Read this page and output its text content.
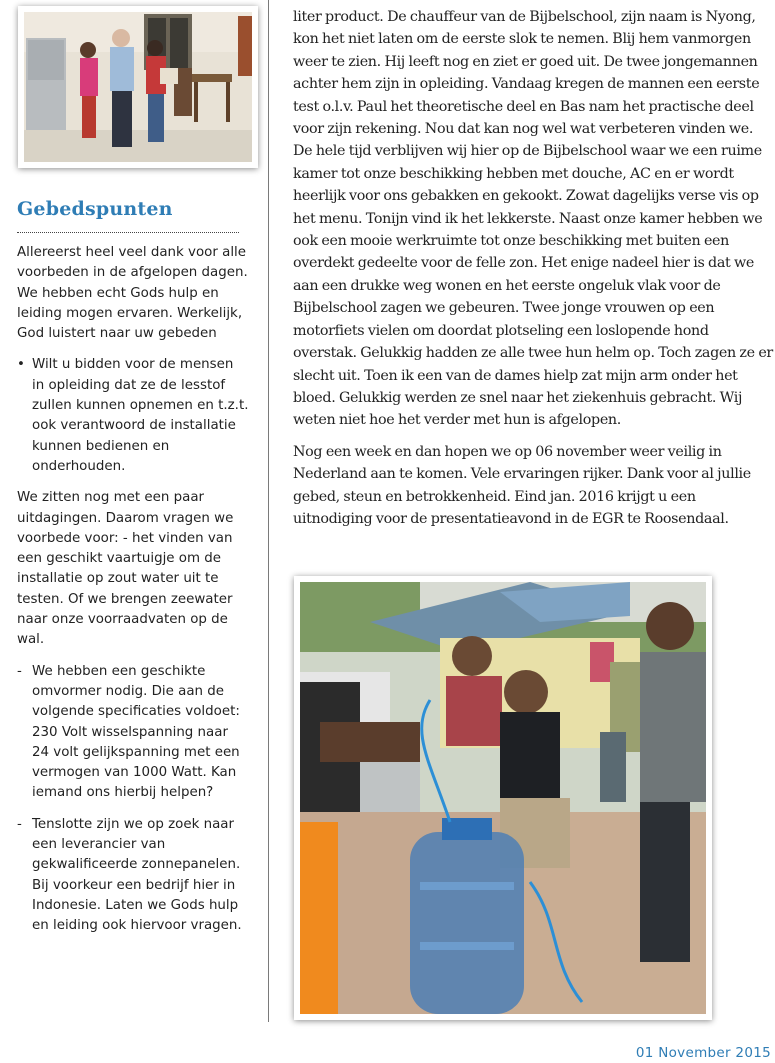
Gebedspunten

Allereerst heel veel dank voor alle voorbeden in de afgelopen dagen. We hebben echt Gods hulp en leiding mogen ervaren. Werkelijk, God luistert naar uw gebeden

• Wilt u bidden voor de mensen in opleiding dat ze de lesstof zullen kunnen opnemen en t.z.t. ook verantwoord de installatie kunnen bedienen en onderhouden.

We zitten nog met een paar uitdagingen. Daarom vragen we voorbede voor: - het vinden van een geschikt vaartuigje om de installatie op zout water uit te testen. Of we brengen zeewater naar onze voorraadvaten op de wal.

- We hebben een geschikte omvormer nodig. Die aan de volgende specificaties voldoet: 230 Volt wisselspanning naar 24 volt gelijkspanning met een vermogen van 1000 Watt. Kan iemand ons hierbij helpen?
- Tenslotte zijn we op zoek naar een leverancier van gekwalificeerde zonnepanelen. Bij voorkeur een bedrijf hier in Indonesie. Laten we Gods hulp en leiding ook hiervoor vragen.

liter product. De chauffeur van de Bijbelschool, zijn naam is Nyong, kon het niet laten om de eerste slok te nemen. Blij hem vanmorgen weer te zien. Hij leeft nog en ziet er goed uit. De twee jongemannen achter hem zijn in opleiding. Vandaag kregen de mannen een eerste test o.l.v. Paul het theoretische deel en Bas nam het practische deel voor zijn rekening. Nou dat kan nog wel wat verbeteren vinden we. De hele tijd verblijven wij hier op de Bijbelschool waar we een ruime kamer tot onze beschikking hebben met douche, AC en er wordt heerlijk voor ons gebakken en gekookt. Zowat dagelijks verse vis op het menu. Tonijn vind ik het lekkerste. Naast onze kamer hebben we ook een mooie werkruimte tot onze beschikking met buiten een overdekt gedeelte voor de felle zon. Het enige nadeel hier is dat we aan een drukke weg wonen en het eerste ongeluk vlak voor de Bijbelschool zagen we gebeuren. Twee jonge vrouwen op een motorfiets vielen om doordat plotseling een loslopende hond overstak. Gelukkig hadden ze alle twee hun helm op. Toch zagen ze er slecht uit. Toen ik een van de dames hielp zat mijn arm onder het bloed. Gelukkig werden ze snel naar het ziekenhuis gebracht. Wij weten niet hoe het verder met hun is afgelopen.

Nog een week en dan hopen we op 06 november weer veilig in Nederland aan te komen. Vele ervaringen rijker. Dank voor al jullie gebed, steun en betrokkenheid. Eind jan. 2016 krijgt u een uitnodiging voor de presentatieavond in de EGR te Roosendaal.

01 November 2015
